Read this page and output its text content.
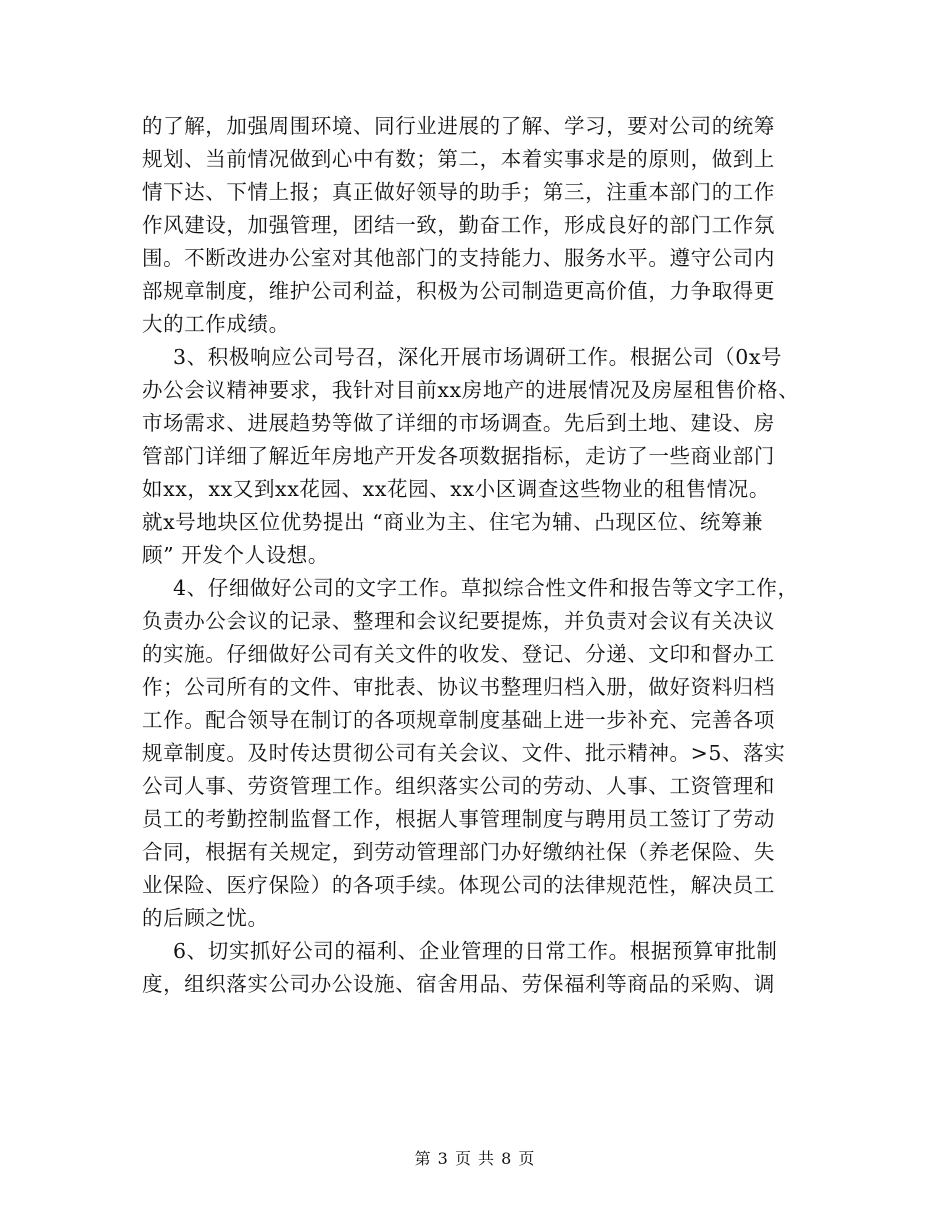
的了解，加强周围环境、同行业进展的了解、学习，要对公司的统筹
规划、当前情况做到心中有数；第二，本着实事求是的原则，做到上
情下达、下情上报；真正做好领导的助手；第三，注重本部门的工作
作风建设，加强管理，团结一致，勤奋工作，形成良好的部门工作氛
围。不断改进办公室对其他部门的支持能力、服务水平。遵守公司内
部规章制度，维护公司利益，积极为公司制造更高价值，力争取得更
大的工作成绩。
3、积极响应公司号召，深化开展市场调研工作。根据公司（0x号
办公会议精神要求，我针对目前xx房地产的进展情况及房屋租售价格、
市场需求、进展趋势等做了详细的市场调查。先后到土地、建设、房
管部门详细了解近年房地产开发各项数据指标，走访了一些商业部门
如xx，xx又到xx花园、xx花园、xx小区调查这些物业的租售情况。
就x号地块区位优势提出 “商业为主、住宅为辅、凸现区位、统筹兼
顾” 开发个人设想。
4、仔细做好公司的文字工作。草拟综合性文件和报告等文字工作，
负责办公会议的记录、整理和会议纪要提炼，并负责对会议有关决议
的实施。仔细做好公司有关文件的收发、登记、分递、文印和督办工
作；公司所有的文件、审批表、协议书整理归档入册，做好资料归档
工作。配合领导在制订的各项规章制度基础上进一步补充、完善各项
规章制度。及时传达贯彻公司有关会议、文件、批示精神。>5、落实
公司人事、劳资管理工作。组织落实公司的劳动、人事、工资管理和
员工的考勤控制监督工作，根据人事管理制度与聘用员工签订了劳动
合同，根据有关规定，到劳动管理部门办好缴纳社保（养老保险、失
业保险、医疗保险）的各项手续。体现公司的法律规范性，解决员工
的后顾之忧。
6、切实抓好公司的福利、企业管理的日常工作。根据预算审批制
度，组织落实公司办公设施、宿舍用品、劳保福利等商品的采购、调
第 3 页 共 8 页
